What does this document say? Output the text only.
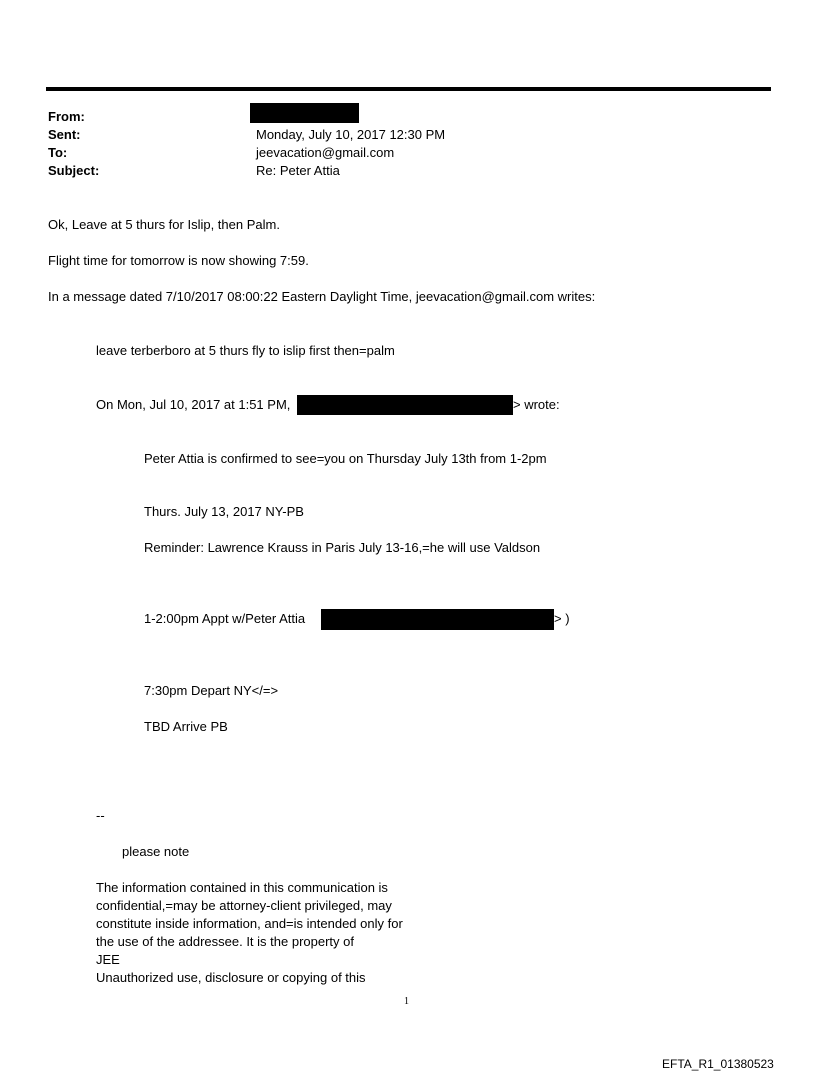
From:
Sent:	Monday, July 10, 2017 12:30 PM
To:	jeevacation@gmail.com
Subject:	Re: Peter Attia
Ok, Leave at 5 thurs for Islip, then Palm.
Flight time for tomorrow is now showing 7:59.
In a message dated 7/10/2017 08:00:22 Eastern Daylight Time, jeevacation@gmail.com writes:
leave terberboro at 5 thurs fly to islip first then=palm
On Mon, Jul 10, 2017 at 1:51 PM,	> wrote:
Peter Attia is confirmed to see=you on Thursday July 13th from 1-2pm
Thurs. July 13, 2017 NY-PB
Reminder: Lawrence Krauss in Paris July 13-16,=he will use Valdson
1-2:00pm Appt w/Peter Attia	> )
7:30pm Depart NY</=>
TBD Arrive PB
--
please note
The information contained in this communication is
confidential,=may be attorney-client privileged, may
constitute inside information, and=is intended only for
the use of the addressee. It is the property of
JEE
Unauthorized use, disclosure or copying of this
1
EFTA_R1_01380523
